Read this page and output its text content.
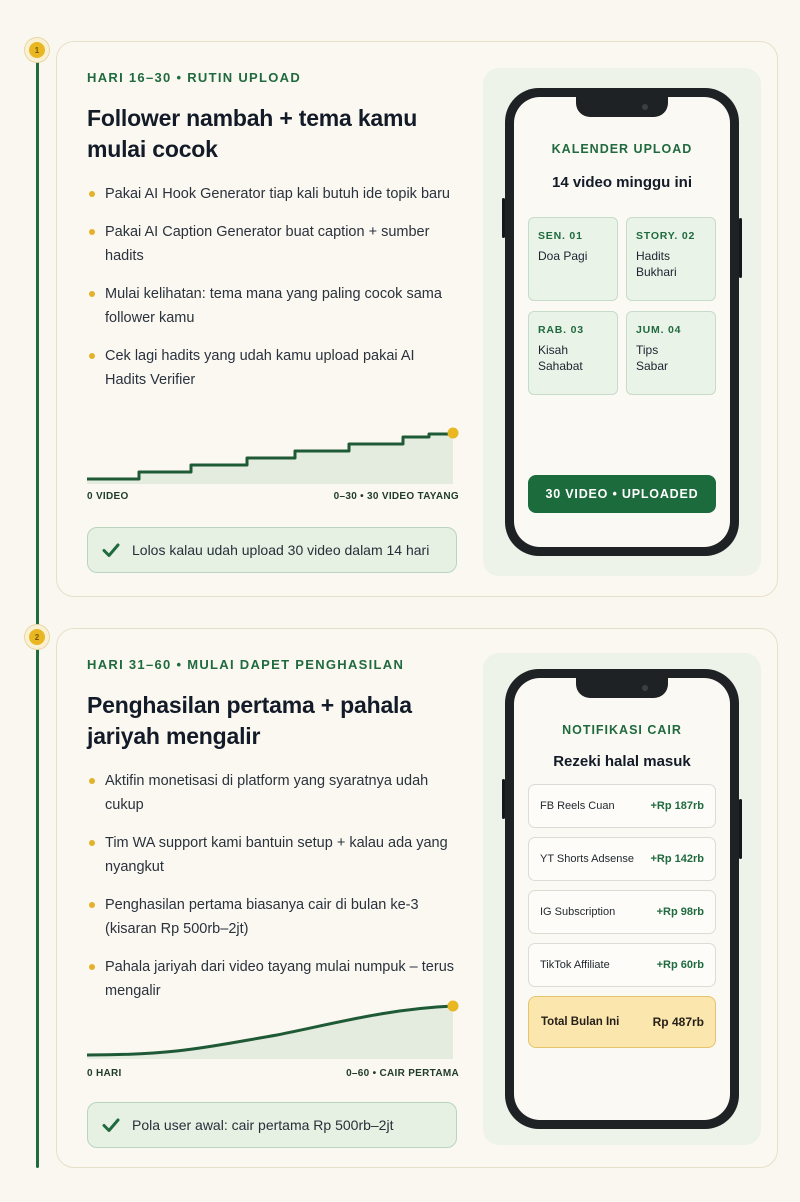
1
2
HARI 16–30 • RUTIN UPLOAD
Follower nambah + tema kamu mulai cocok
Pakai AI Hook Generator tiap kali butuh ide topik baru
Pakai AI Caption Generator buat caption + sumber hadits
Mulai kelihatan: tema mana yang paling cocok sama follower kamu
Cek lagi hadits yang udah kamu upload pakai AI Hadits Verifier
0 VIDEO	0–30 • 30 VIDEO TAYANG
Lolos kalau udah upload 30 video dalam 14 hari
KALENDER UPLOAD
14 video minggu ini
SEN. 01
Doa Pagi
STORY. 02
Hadits Bukhari
RAB. 03
Kisah Sahabat
JUM. 04
Tips Sabar
30 VIDEO • UPLOADED
HARI 31–60 • MULAI DAPET PENGHASILAN
Penghasilan pertama + pahala jariyah mengalir
Aktifin monetisasi di platform yang syaratnya udah cukup
Tim WA support kami bantuin setup + kalau ada yang nyangkut
Penghasilan pertama biasanya cair di bulan ke-3 (kisaran Rp 500rb–2jt)
Pahala jariyah dari video tayang mulai numpuk – terus mengalir
0 HARI	0–60 • CAIR PERTAMA
Pola user awal: cair pertama Rp 500rb–2jt
NOTIFIKASI CAIR
Rezeki halal masuk
FB Reels Cuan	+Rp 187rb
YT Shorts Adsense +Rp 142rb
IG Subscription	+Rp 98rb
TikTok Affiliate	+Rp 60rb
Total Bulan Ini	Rp 487rb
